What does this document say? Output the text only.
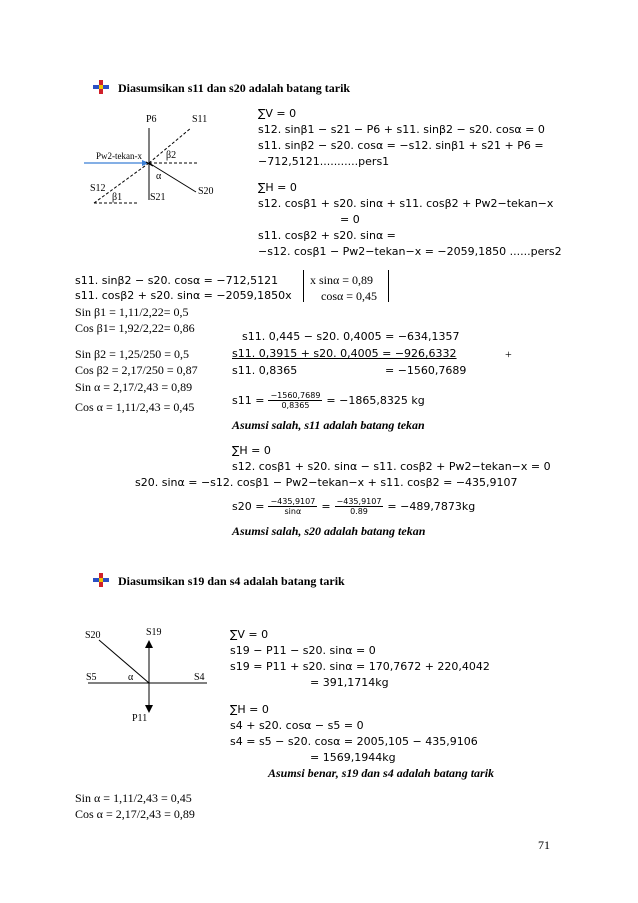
Diasumsikan s11 dan s20 adalah batang tarik
P6	S11
Pw2-tekan-x β2
α
S12
β1	S21
S20
∑V = 0
s12. sinβ1 − s21 − P6 + s11. sinβ2 − s20. cosα = 0
s11. sinβ2 − s20. cosα = −s12. sinβ1 + s21 + P6 =
−712,5121...........pers1
∑H = 0
s12. cosβ1 + s20. sinα + s11. cosβ2 + Pw2−tekan−x
= 0
s11. cosβ2 + s20. sinα =
−s12. cosβ1 − Pw2−tekan−x = −2059,1850 ......pers2
s11. sinβ2 − s20. cosα = −712,5121
s11. cosβ2 + s20. sinα = −2059,1850x
x sinα = 0,89
cosα = 0,45
Sin β1 = 1,11/2,22= 0,5
Cos β1= 1,92/2,22= 0,86
s11. 0,445 − s20. 0,4005 = −634,1357
Sin β2 = 1,25/250 = 0,5	s11. 0,3915 + s20. 0,4005 = −926,6332	+
Cos β2 = 2,17/250 = 0,87	s11. 0,8365	= −1560,7689
Sin α = 2,17/2,43 = 0,89
Cos α = 1,11/2,43 = 0,45	$s11 = \frac{-1560,7689}{0,8365} = -1865,8325$ kg
Asumsi salah, s11 adalah batang tekan
∑H = 0
s12. cosβ1 + s20. sinα − s11. cosβ2 + Pw2−tekan−x = 0
s20. sinα = −s12. cosβ1 − Pw2−tekan−x + s11. cosβ2 = −435,9107
$s20 = \frac{-435,9107}{\sin\alpha} = \frac{-435,9107}{0.89} = -489,7873kg$
Asumsi salah, s20 adalah batang tekan
Diasumsikan s19 dan s4 adalah batang tarik
S20	S19
S5	α	S4
P11
∑V = 0
s19 − P11 − s20. sinα = 0
s19 = P11 + s20. sinα = 170,7672 + 220,4042
= 391,1714kg
∑H = 0
s4 + s20. cosα − s5 = 0
s4 = s5 − s20. cosα = 2005,105 − 435,9106
= 1569,1944kg
Asumsi benar, s19 dan s4 adalah batang tarik
Sin α = 1,11/2,43 = 0,45
Cos α = 2,17/2,43 = 0,89
71
